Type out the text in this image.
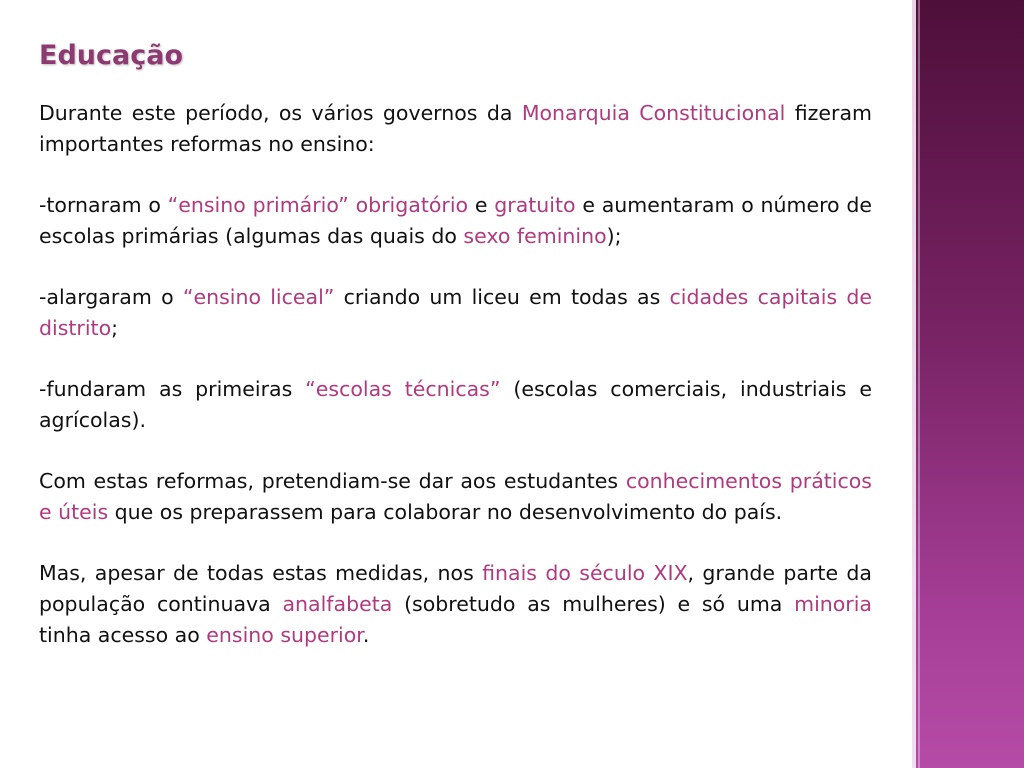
Educação

Durante este período, os vários governos da Monarquia Constitucional fizeram importantes reformas no ensino:

-tornaram o “ensino primário” obrigatório e gratuito e aumentaram o número de escolas primárias (algumas das quais do sexo feminino);

-alargaram o “ensino liceal” criando um liceu em todas as cidades capitais de distrito;

-fundaram as primeiras “escolas técnicas” (escolas comerciais, industriais e agrícolas).

Com estas reformas, pretendiam-se dar aos estudantes conhecimentos práticos e úteis que os preparassem para colaborar no desenvolvimento do país.

Mas, apesar de todas estas medidas, nos finais do século XIX, grande parte da população continuava analfabeta (sobretudo as mulheres) e só uma minoria tinha acesso ao ensino superior.
